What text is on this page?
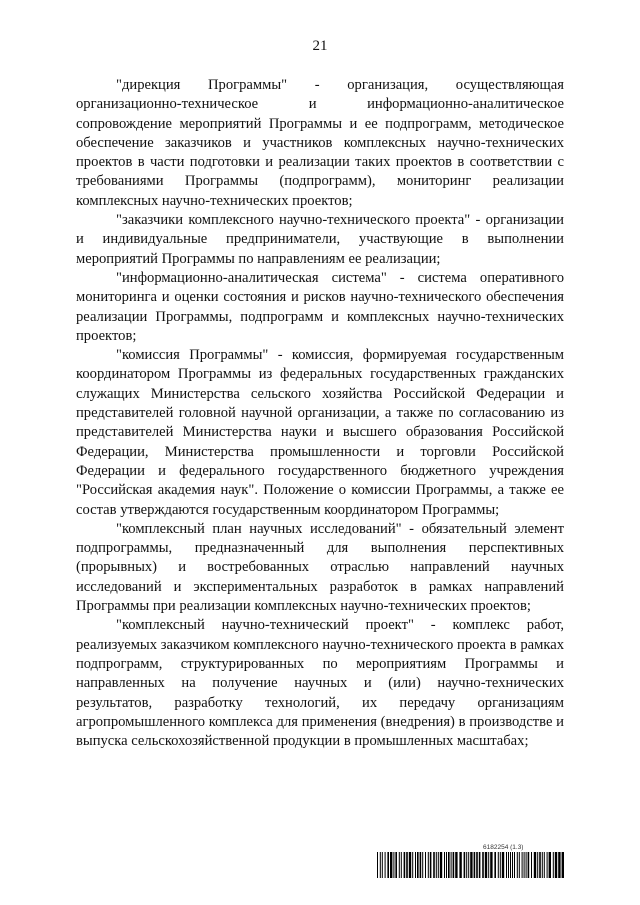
21

"дирекция Программы" - организация, осуществляющая организационно-техническое и информационно-аналитическое сопровождение мероприятий Программы и ее подпрограмм, методическое обеспечение заказчиков и участников комплексных научно-технических проектов в части подготовки и реализации таких проектов в соответствии с требованиями Программы (подпрограмм), мониторинг реализации комплексных научно-технических проектов;

"заказчики комплексного научно-технического проекта" - организации и индивидуальные предприниматели, участвующие в выполнении мероприятий Программы по направлениям ее реализации;

"информационно-аналитическая система" - система оперативного мониторинга и оценки состояния и рисков научно-технического обеспечения реализации Программы, подпрограмм и комплексных научно-технических проектов;

"комиссия Программы" - комиссия, формируемая государственным координатором Программы из федеральных государственных гражданских служащих Министерства сельского хозяйства Российской Федерации и представителей головной научной организации, а также по согласованию из представителей Министерства науки и высшего образования Российской Федерации, Министерства промышленности и торговли Российской Федерации и федерального государственного бюджетного учреждения "Российская академия наук". Положение о комиссии Программы, а также ее состав утверждаются государственным координатором Программы;

"комплексный план научных исследований" - обязательный элемент подпрограммы, предназначенный для выполнения перспективных (прорывных) и востребованных отраслью направлений научных исследований и экспериментальных разработок в рамках направлений Программы при реализации комплексных научно-технических проектов;

"комплексный научно-технический проект" - комплекс работ, реализуемых заказчиком комплексного научно-технического проекта в рамках подпрограмм, структурированных по мероприятиям Программы и направленных на получение научных и (или) научно-технических результатов, разработку технологий, их передачу организациям агропромышленного комплекса для применения (внедрения) в производстве и выпуска сельскохозяйственной продукции в промышленных масштабах;

6182254 (1.3)
